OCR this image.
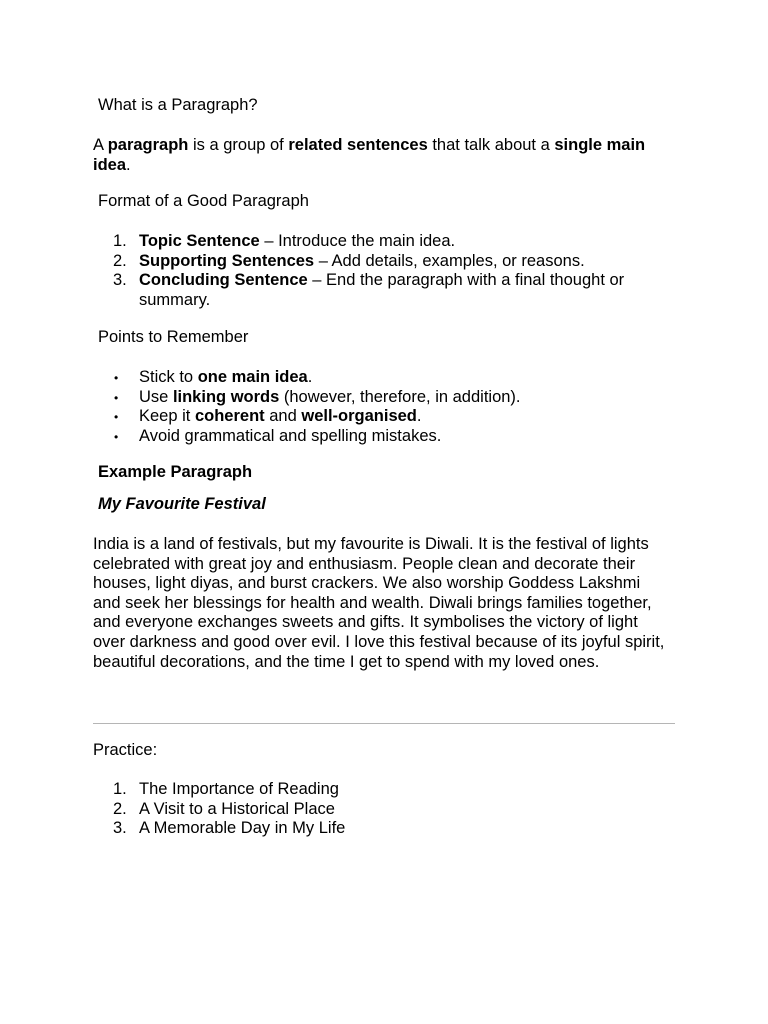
What is a Paragraph?

A paragraph is a group of related sentences that talk about a single main idea.

Format of a Good Paragraph
1. Topic Sentence – Introduce the main idea.
2. Supporting Sentences – Add details, examples, or reasons.
3. Concluding Sentence – End the paragraph with a final thought or summary.
Points to Remember
• Stick to one main idea.
• Use linking words (however, therefore, in addition).
• Keep it coherent and well-organised.
• Avoid grammatical and spelling mistakes.
Example Paragraph
My Favourite Festival

India is a land of festivals, but my favourite is Diwali. It is the festival of lights celebrated with great joy and enthusiasm. People clean and decorate their houses, light diyas, and burst crackers. We also worship Goddess Lakshmi and seek her blessings for health and wealth. Diwali brings families together, and everyone exchanges sweets and gifts. It symbolises the victory of light over darkness and good over evil. I love this festival because of its joyful spirit, beautiful decorations, and the time I get to spend with my loved ones.

Practice:

1. The Importance of Reading
2. A Visit to a Historical Place
3. A Memorable Day in My Life
